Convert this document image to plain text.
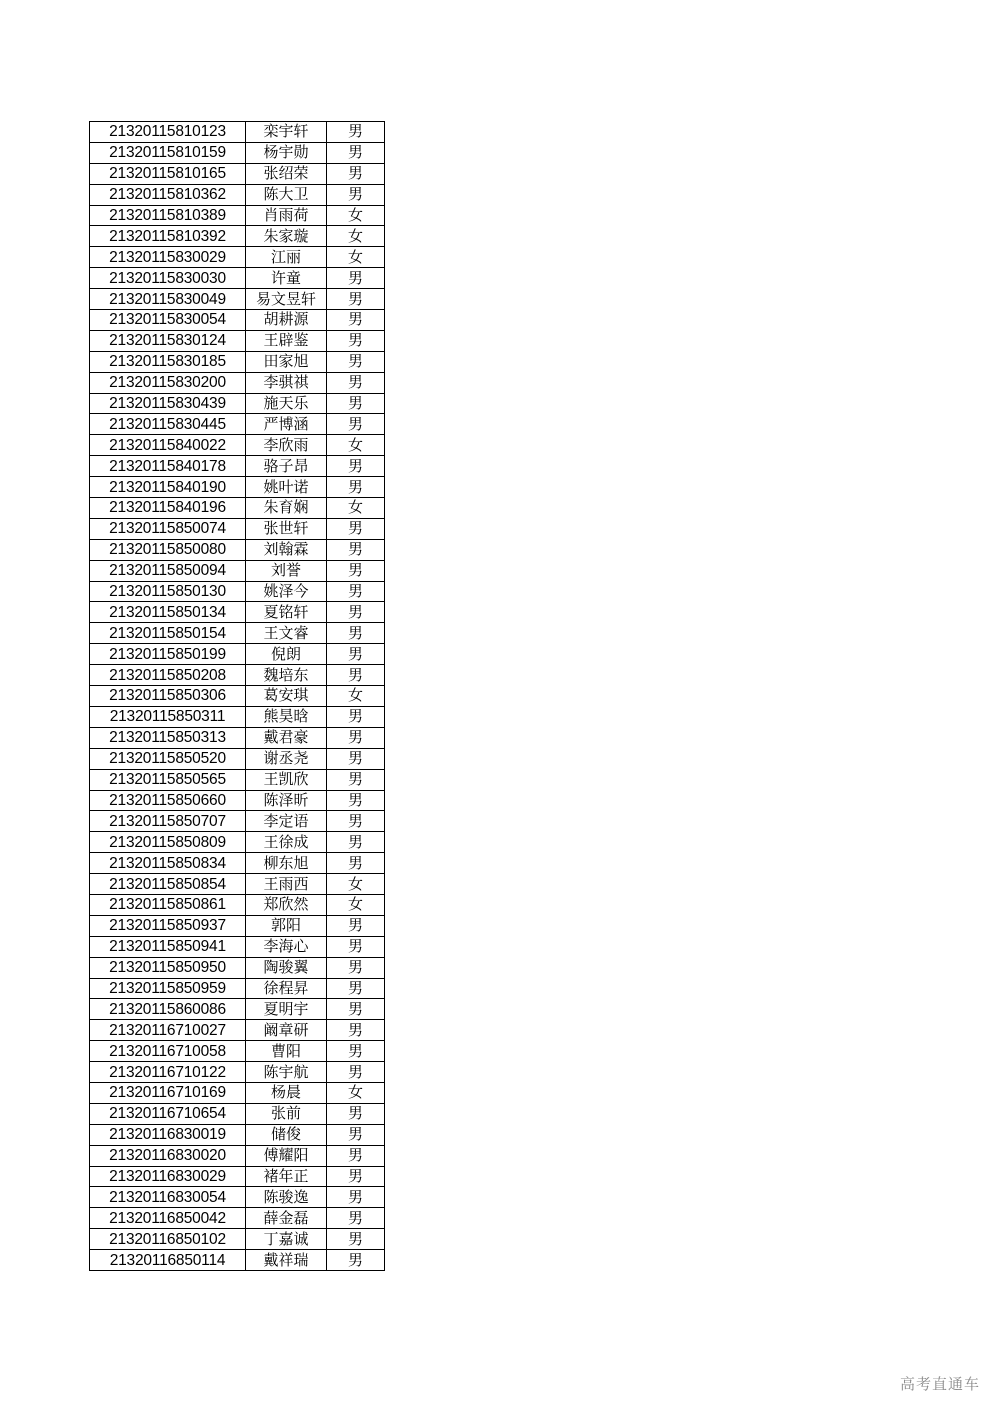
21320115810123	栾宇轩	男
21320115810159	杨宇勋	男
21320115810165	张绍荣	男
21320115810362	陈大卫	男
21320115810389	肖雨荷	女
21320115810392	朱家璇	女
21320115830029	江丽	女
21320115830030	许童	男
21320115830049	易文昱轩	男
21320115830054	胡耕源	男
21320115830124	王辟鉴	男
21320115830185	田家旭	男
21320115830200	李骐祺	男
21320115830439	施天乐	男
21320115830445	严博涵	男
21320115840022	李欣雨	女
21320115840178	骆子昂	男
21320115840190	姚叶诺	男
21320115840196	朱育娴	女
21320115850074	张世轩	男
21320115850080	刘翰霖	男
21320115850094	刘誉	男
21320115850130	姚泽今	男
21320115850134	夏铭轩	男
21320115850154	王文睿	男
21320115850199	倪朗	男
21320115850208	魏培东	男
21320115850306	葛安琪	女
21320115850311	熊昊晗	男
21320115850313	戴君豪	男
21320115850520	谢丞尧	男
21320115850565	王凯欣	男
21320115850660	陈泽昕	男
21320115850707	李定语	男
21320115850809	王徐成	男
21320115850834	柳东旭	男
21320115850854	王雨西	女
21320115850861	郑欣然	女
21320115850937	郭阳	男
21320115850941	李海心	男
21320115850950	陶骏翼	男
21320115850959	徐程昇	男
21320115860086	夏明宇	男
21320116710027	阚章研	男
21320116710058	曹阳	男
21320116710122	陈宇航	男
21320116710169	杨晨	女
21320116710654	张前	男
21320116830019	储俊	男
21320116830020	傅耀阳	男
21320116830029	褚年正	男
21320116830054	陈骏逸	男
21320116850042	薛金磊	男
21320116850102	丁嘉诚	男
21320116850114	戴祥瑞	男
高考直通车
